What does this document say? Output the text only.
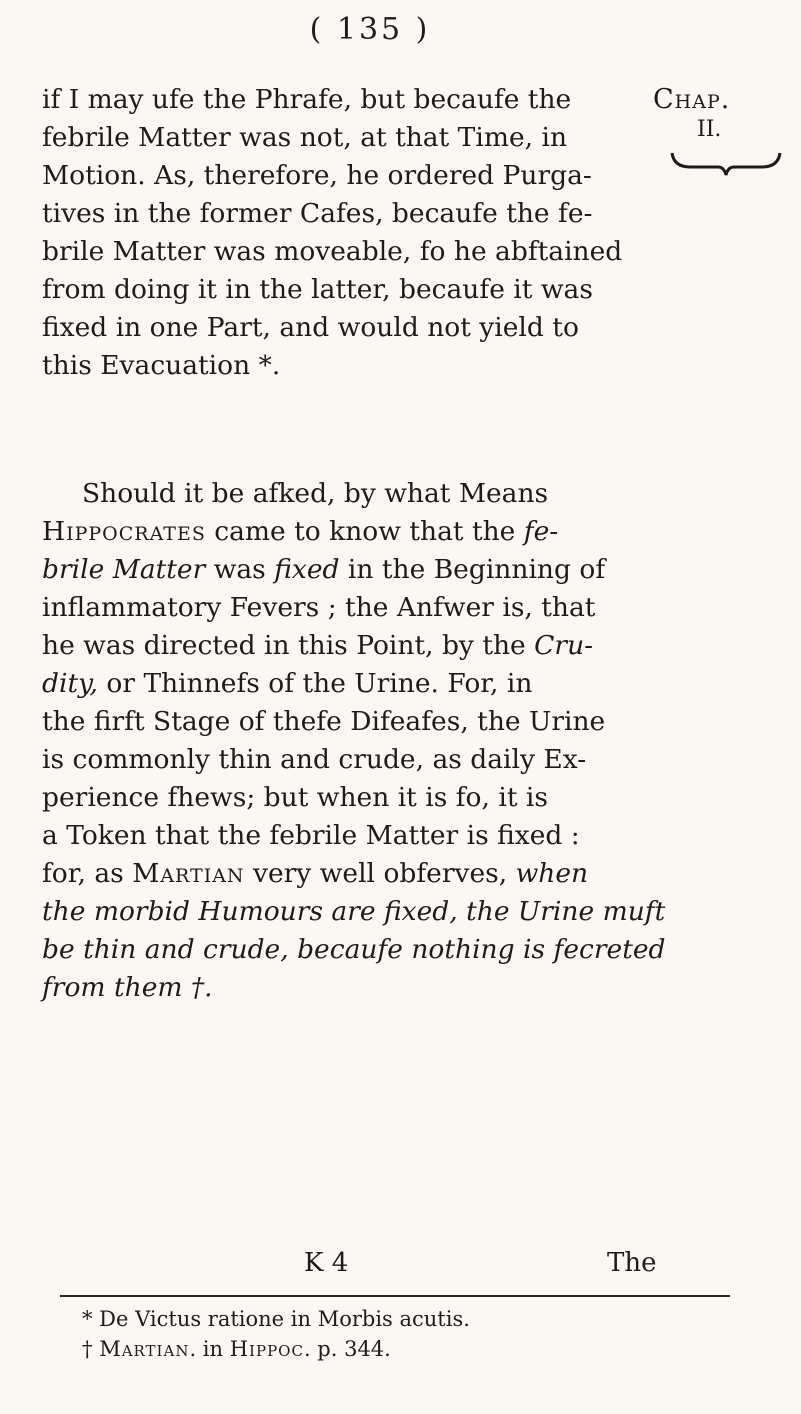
( 135 )
Chap.
II.
if I may ufe the Phrafe, but becaufe the
febrile Matter was not, at that Time, in
Motion. As, therefore, he ordered Purga-
tives in the former Cafes, becaufe the fe-
brile Matter was moveable, fo he abftained
from doing it in the latter, becaufe it was
fixed in one Part, and would not yield to
this Evacuation *.
Should it be afked, by what Means
Hippocrates came to know that the fe-
brile Matter was fixed in the Beginning of
inflammatory Fevers ; the Anfwer is, that
he was directed in this Point, by the Cru-
dity, or Thinnefs of the Urine. For, in
the firft Stage of thefe Difeafes, the Urine
is commonly thin and crude, as daily Ex-
perience fhews; but when it is fo, it is
a Token that the febrile Matter is fixed :
for, as Martian very well obferves, when
the morbid Humours are fixed, the Urine muft
be thin and crude, becaufe nothing is fecreted
from them †.
K 4	The
* De Victus ratione in Morbis acutis.
† Martian. in Hippoc. p. 344.
